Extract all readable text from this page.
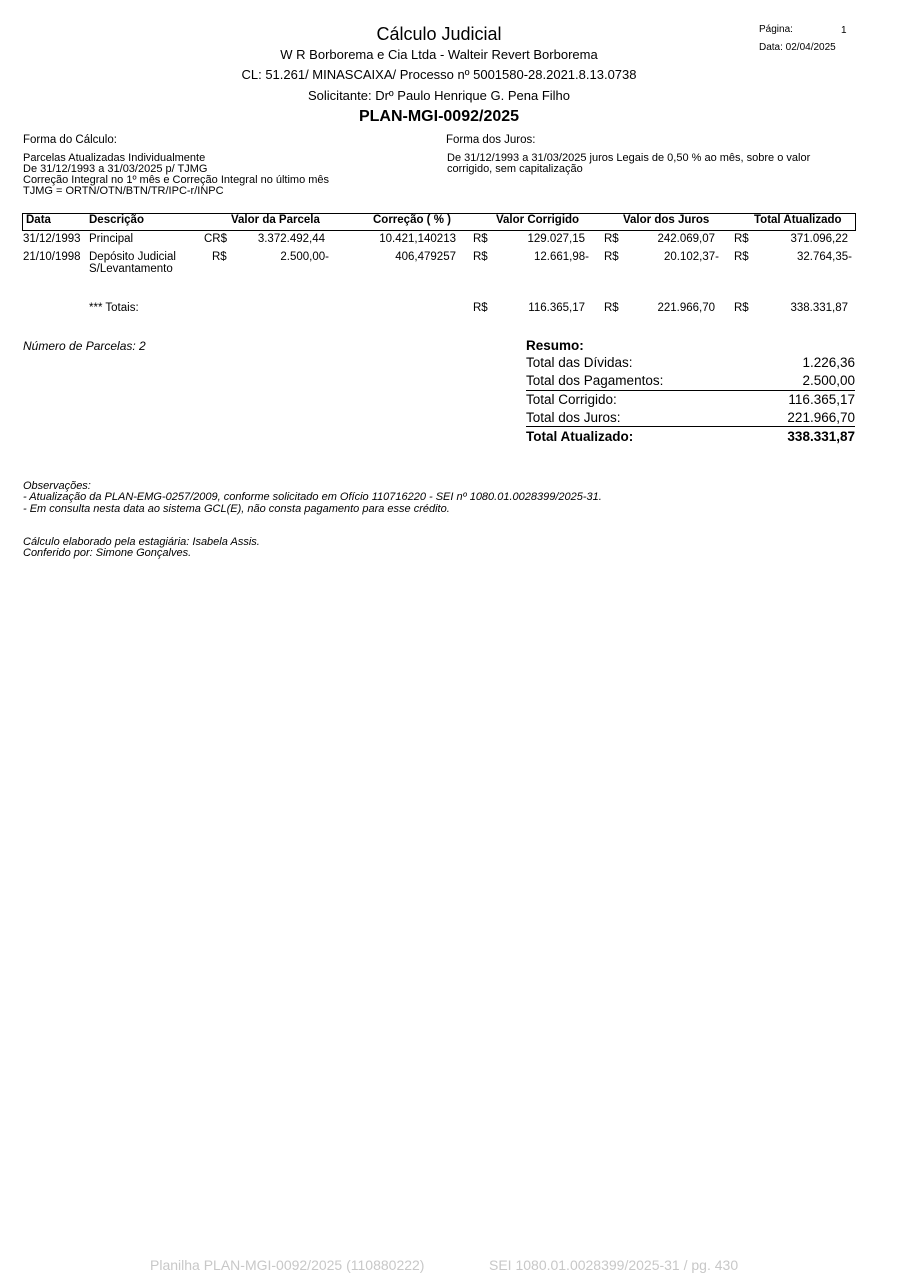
Cálculo Judicial
W R Borborema e Cia Ltda - Walteir Revert Borborema
CL: 51.261/ MINASCAIXA/ Processo nº 5001580-28.2021.8.13.0738
Solicitante: Drº Paulo Henrique G. Pena Filho
PLAN-MGI-0092/2025
Página:	1
Data: 02/04/2025
Forma do Cálculo:
Parcelas Atualizadas Individualmente
De 31/12/1993 a 31/03/2025 p/ TJMG
Correção Integral no 1º mês e Correção Integral no último mês
TJMG = ORTN/OTN/BTN/TR/IPC-r/INPC
Forma dos Juros:
De 31/12/1993 a 31/03/2025 juros Legais de 0,50 % ao mês, sobre o valor
corrigido, sem capitalização
Data	Descrição	Valor da Parcela	Correção ( % )	Valor Corrigido	Valor dos Juros	Total Atualizado
31/12/1993 Principal	CR$	3.372.492,44	10.421,140213 R$	129.027,15 R$	242.069,07 R$	371.096,22
21/10/1998 Depósito Judicial
S/Levantamento
R$	2.500,00-	406,479257 R$	12.661,98- R$	20.102,37- R$	32.764,35-
*** Totais:	R$	116.365,17 R$	221.966,70 R$	338.331,87
Número de Parcelas: 2	Resumo:
Total das Dívidas:	1.226,36
Total dos Pagamentos:	2.500,00
Total Corrigido:	116.365,17
Total dos Juros:	221.966,70
Total Atualizado:	338.331,87
Observações:
- Atualização da PLAN-EMG-0257/2009, conforme solicitado em Ofício 110716220 - SEI nº 1080.01.0028399/2025-31.
- Em consulta nesta data ao sistema GCL(E), não consta pagamento para esse crédito.
Cálculo elaborado pela estagiária: Isabela Assis.
Conferido por: Simone Gonçalves.
Planilha PLAN-MGI-0092/2025 (110880222)	SEI 1080.01.0028399/2025-31 / pg. 430
